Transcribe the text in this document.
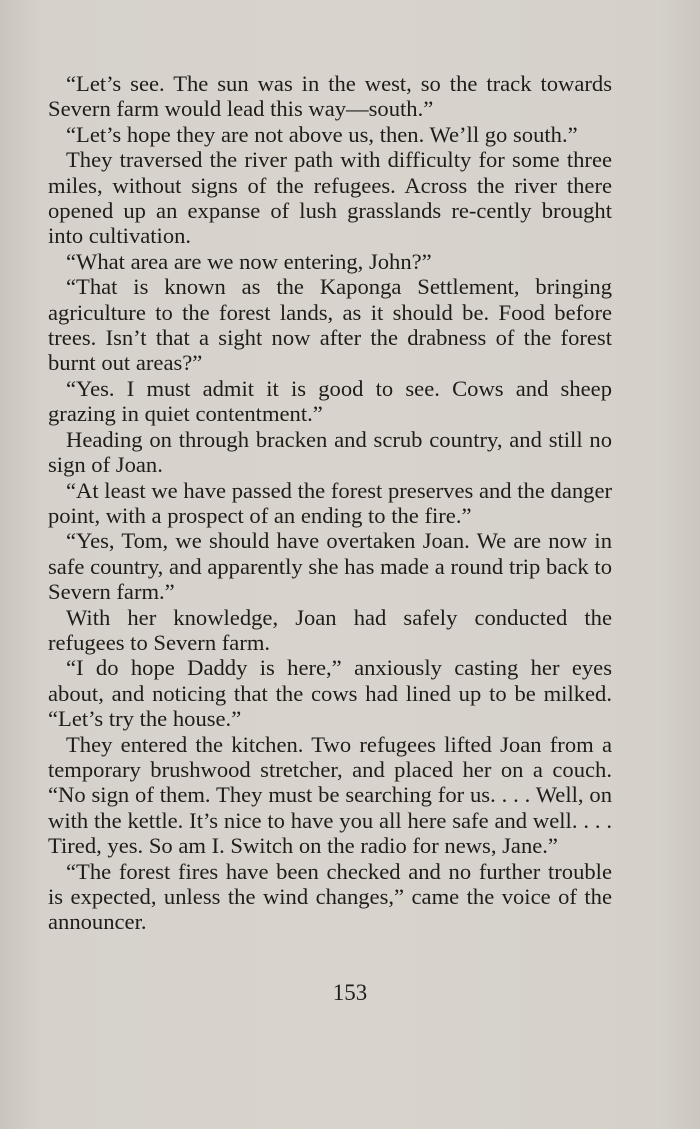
“Let’s see. The sun was in the west, so the track towards Severn farm would lead this way—south.”

“Let’s hope they are not above us, then. We’ll go south.”

They traversed the river path with difficulty for some three miles, without signs of the refugees. Across the river there opened up an expanse of lush grasslands re-cently brought into cultivation.

“What area are we now entering, John?”

“That is known as the Kaponga Settlement, bringing agriculture to the forest lands, as it should be. Food before trees. Isn’t that a sight now after the drabness of the forest burnt out areas?”

“Yes. I must admit it is good to see. Cows and sheep grazing in quiet contentment.”

Heading on through bracken and scrub country, and still no sign of Joan.

“At least we have passed the forest preserves and the danger point, with a prospect of an ending to the fire.”

“Yes, Tom, we should have overtaken Joan. We are now in safe country, and apparently she has made a round trip back to Severn farm.”

With her knowledge, Joan had safely conducted the refugees to Severn farm.

“I do hope Daddy is here,” anxiously casting her eyes about, and noticing that the cows had lined up to be milked. “Let’s try the house.”

They entered the kitchen. Two refugees lifted Joan from a temporary brushwood stretcher, and placed her on a couch. “No sign of them. They must be searching for us. . . . Well, on with the kettle. It’s nice to have you all here safe and well. . . . Tired, yes. So am I. Switch on the radio for news, Jane.”

“The forest fires have been checked and no further trouble is expected, unless the wind changes,” came the voice of the announcer.

153
